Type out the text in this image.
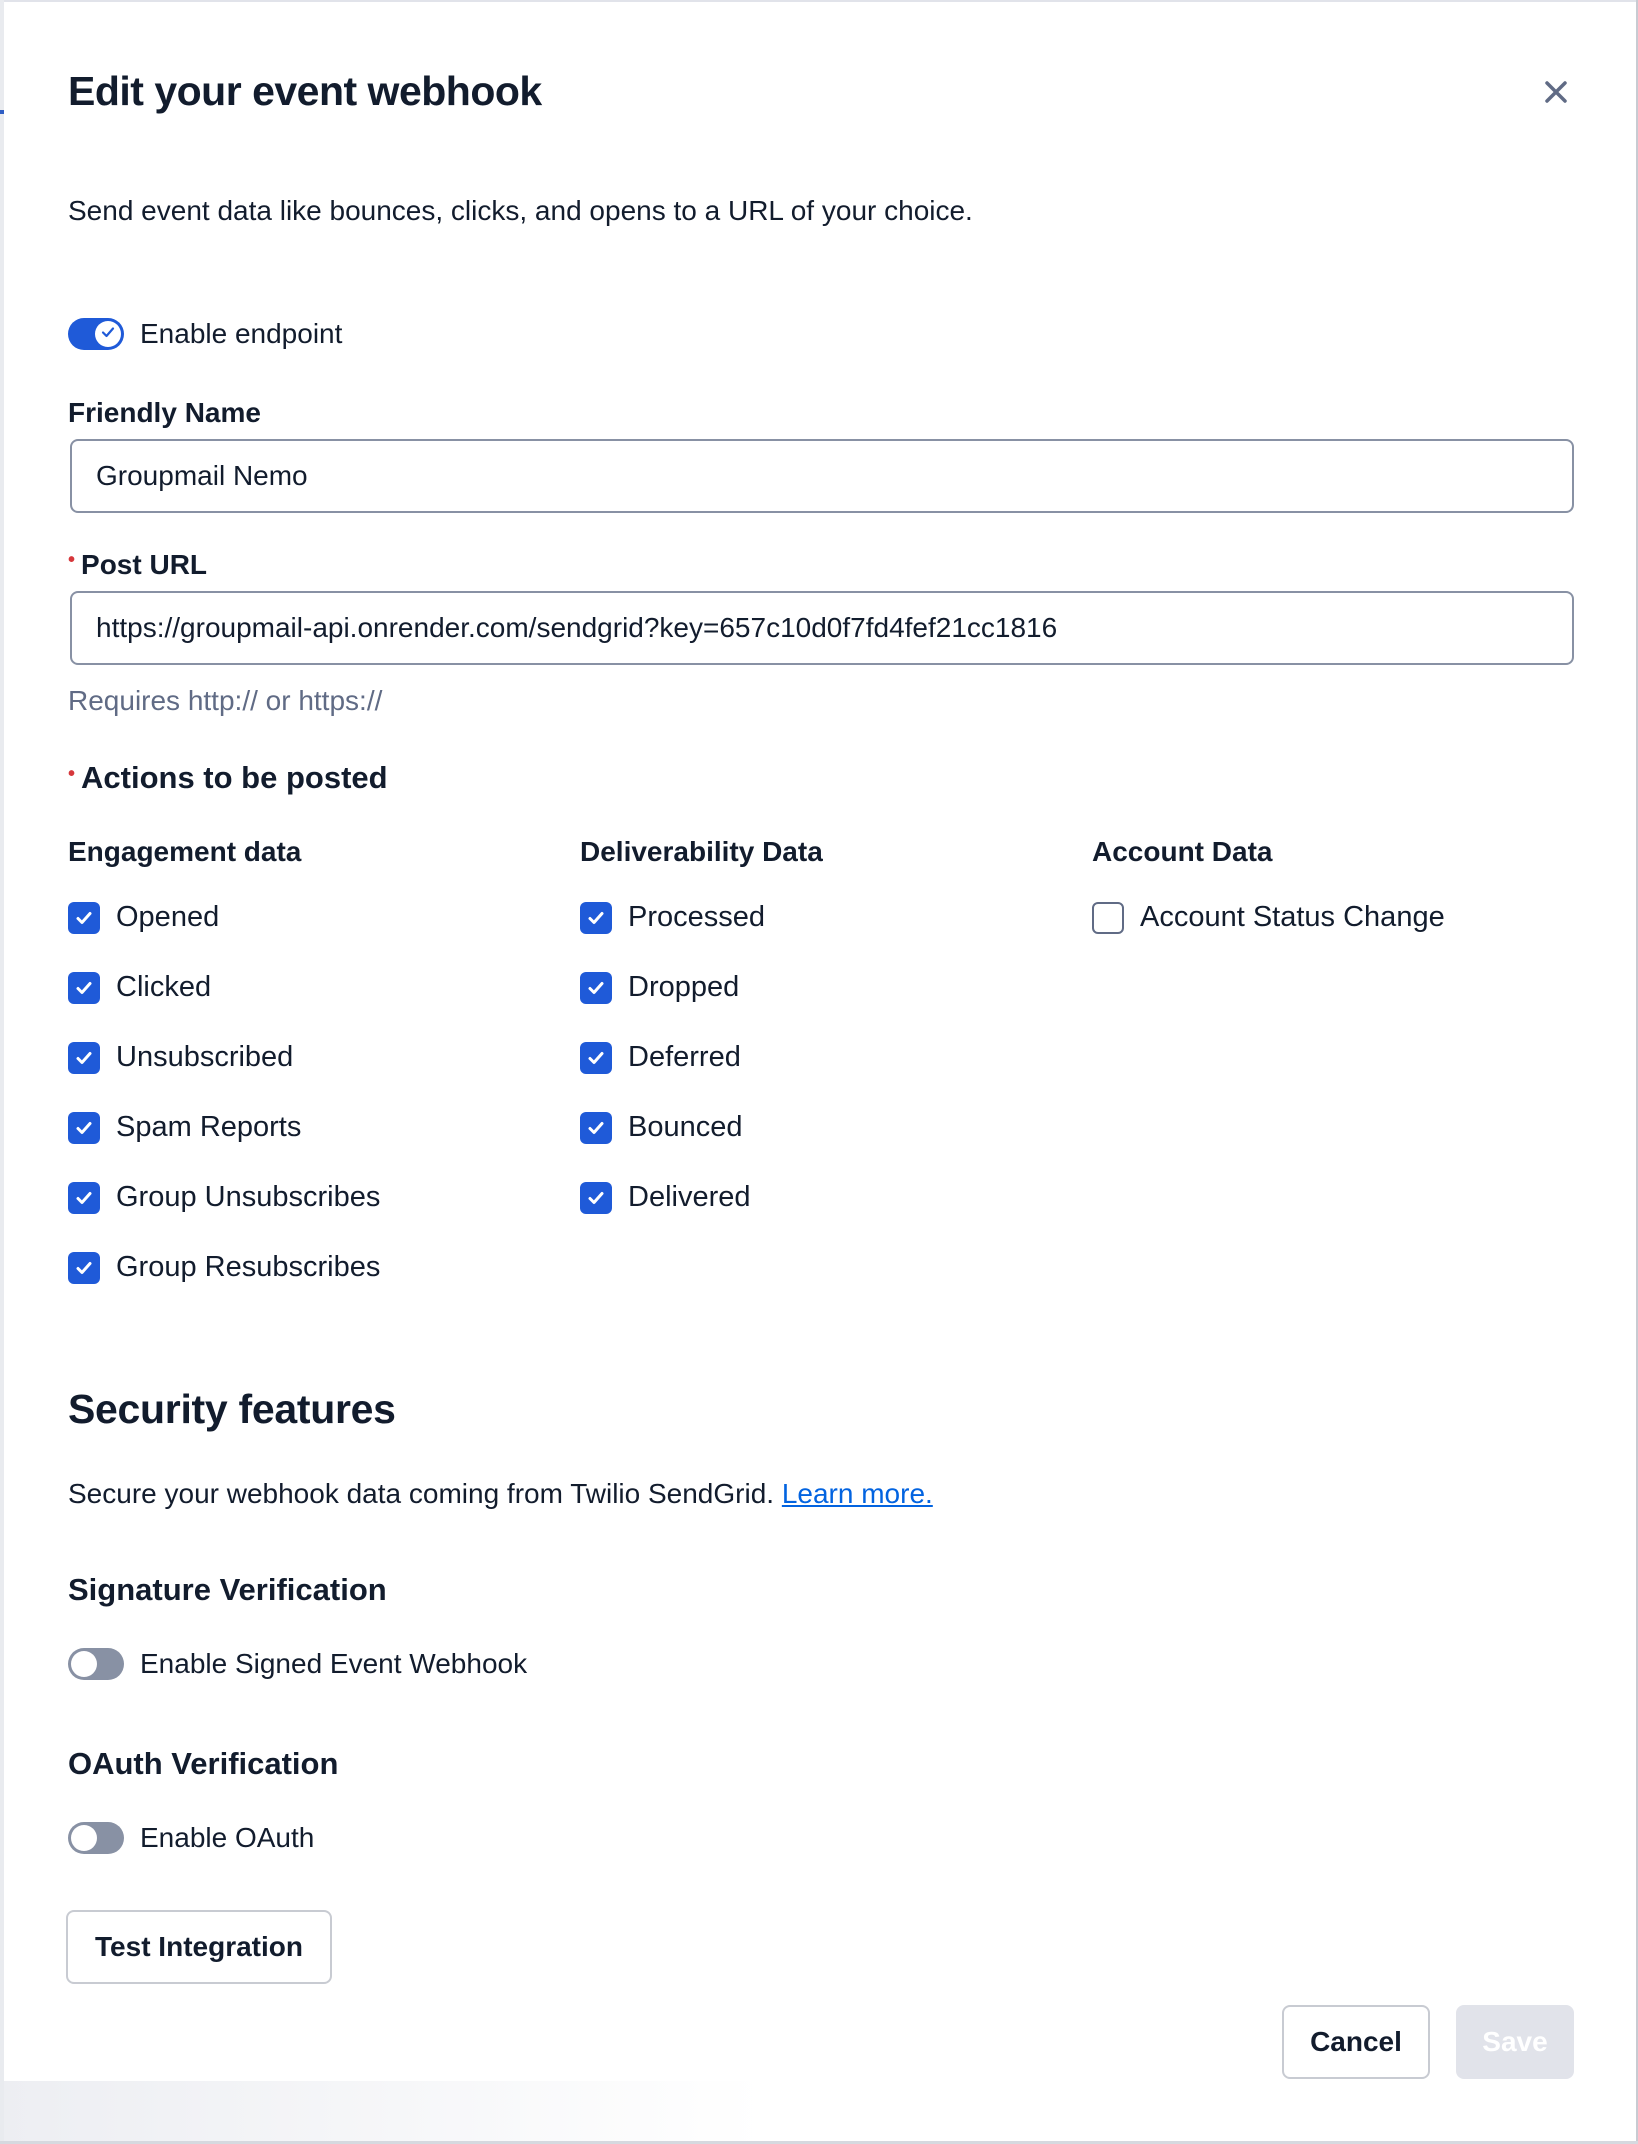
Edit your event webhook
Send event data like bounces, clicks, and opens to a URL of your choice.
Enable endpoint
Friendly Name
Groupmail Nemo
• Post URL
https://groupmail-api.onrender.com/sendgrid?key=657c10d0f7fd4fef21cc1816
Requires http:// or https://
• Actions to be posted
Engagement data
Opened
Clicked
Unsubscribed
Spam Reports
Group Unsubscribes
Group Resubscribes
Deliverability Data
Processed
Dropped
Deferred
Bounced
Delivered
Account Data
Account Status Change
Security features
Secure your webhook data coming from Twilio SendGrid. Learn more.
Signature Verification
Enable Signed Event Webhook
OAuth Verification
Enable OAuth
Test Integration
Cancel	Save
